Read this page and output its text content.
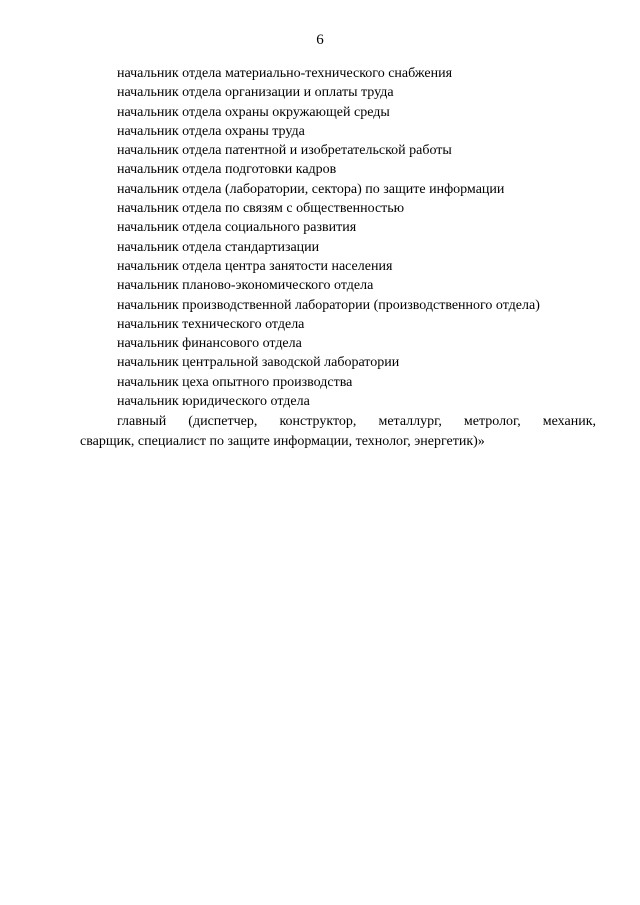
6
начальник отдела материально-технического снабжения
начальник отдела организации и оплаты труда
начальник отдела охраны окружающей среды
начальник отдела охраны труда
начальник отдела патентной и изобретательской работы
начальник отдела подготовки кадров
начальник отдела (лаборатории, сектора) по защите информации
начальник отдела по связям с общественностью
начальник отдела социального развития
начальник отдела стандартизации
начальник отдела центра занятости населения
начальник планово-экономического отдела
начальник производственной лаборатории (производственного отдела)
начальник технического отдела
начальник финансового отдела
начальник центральной заводской лаборатории
начальник цеха опытного производства
начальник юридического отдела

главный (диспетчер, конструктор, металлург, метролог, механик,
сварщик, специалист по защите информации, технолог, энергетик)»
